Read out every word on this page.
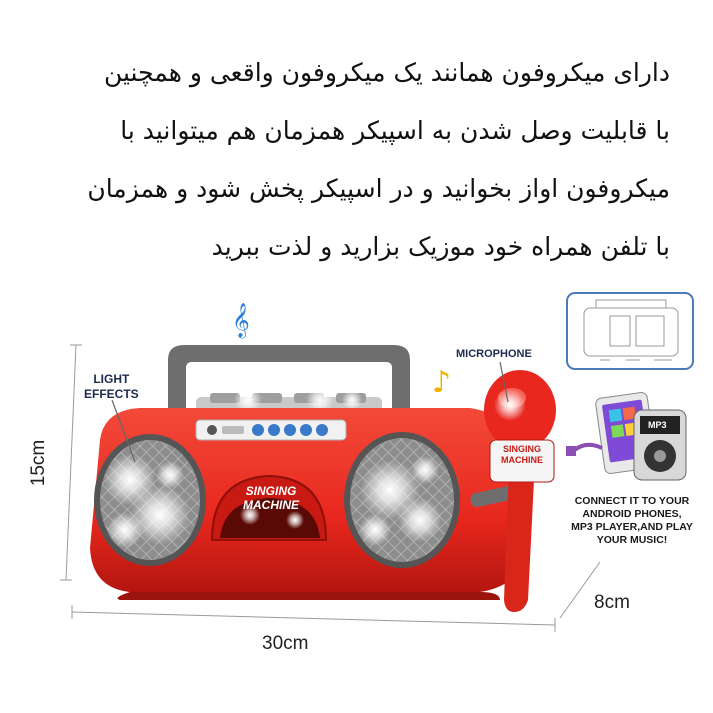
دارای میکروفون همانند یک میکروفون واقعی و همچنین
با قابلیت وصل شدن به اسپیکر همزمان هم میتوانید با
میکروفون اواز بخوانید و در اسپیکر پخش شود و همزمان
با تلفن همراه خود موزیک بزارید و لذت ببرید
𝄞
♪
LIGHT
EFFECTS
MICROPHONE
SINGING
MACHINE
SINGING
MACHINE
MP3
CONNECT IT TO YOUR
ANDROID PHONES,
MP3 PLAYER,AND PLAY
YOUR MUSIC!
15cm
30cm
8cm
